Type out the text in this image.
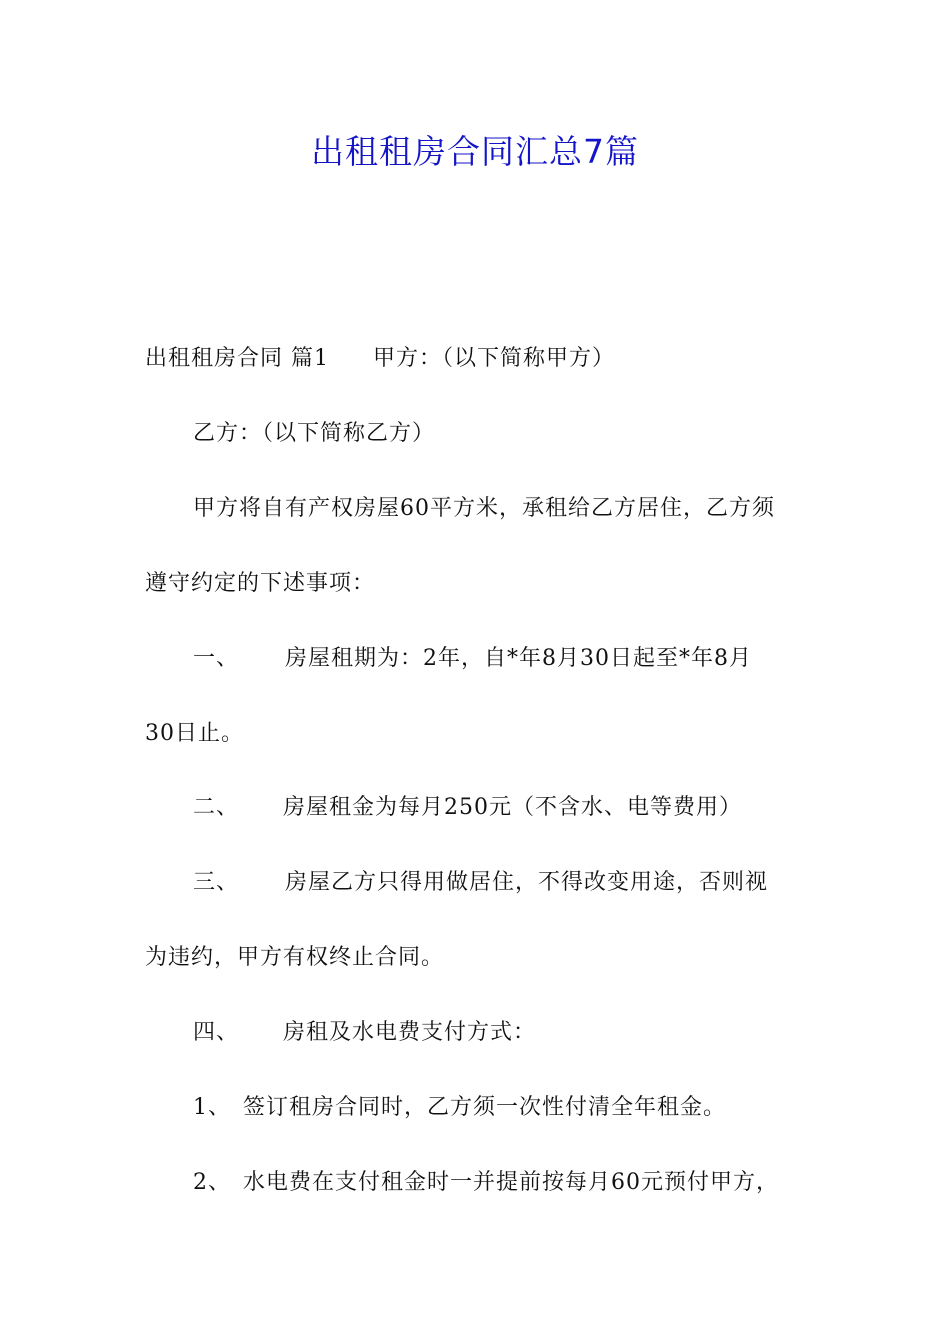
出租租房合同汇总7篇
出租租房合同 篇1 甲方：（以下简称甲方）
乙方：（以下简称乙方）
甲方将自有产权房屋60平方米，承租给乙方居住，乙方须
遵守约定的下述事项：
一、 房屋租期为：2年，自*年8月30日起至*年8月
30日止。
二、 房屋租金为每月250元（不含水、电等费用）
三、 房屋乙方只得用做居住，不得改变用途，否则视
为违约，甲方有权终止合同。
四、 房租及水电费支付方式：
1、 签订租房合同时，乙方须一次性付清全年租金。
2、 水电费在支付租金时一并提前按每月60元预付甲方，
